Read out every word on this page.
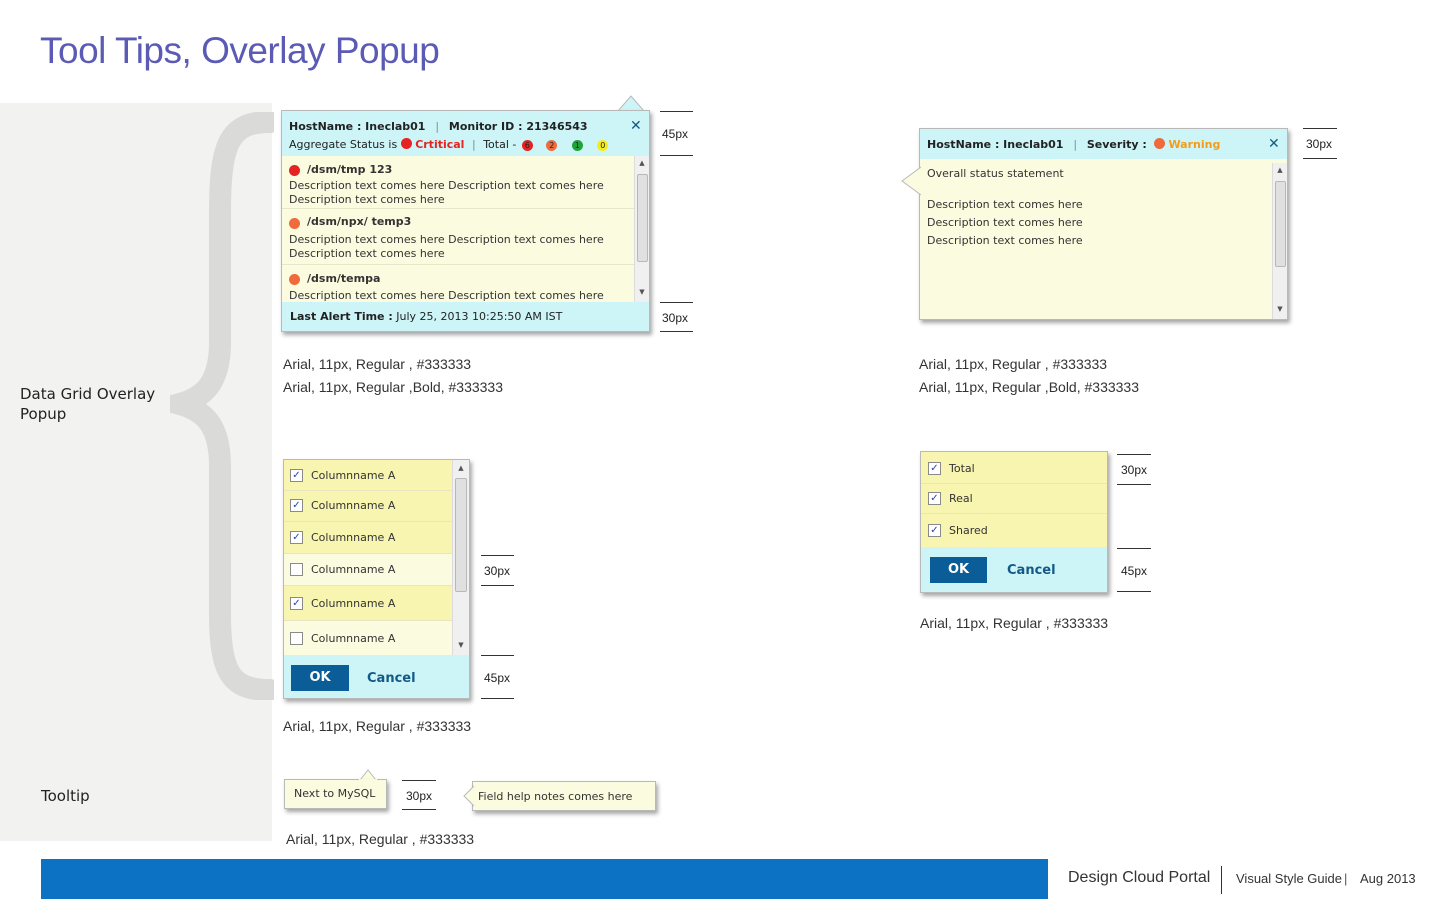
Tool Tips, Overlay Popup
Data Grid Overlay
Popup
Tooltip
HostName : Ineclab01 | Monitor ID : 21346543
Aggregate Status is Crtitical | Total - 6 2	1	0
✕
/dsm/tmp 123
Description text comes here Description text comes here
Description text comes here
/dsm/npx/ temp3
Description text comes here Description text comes here
Description text comes here
/dsm/tempa
Description text comes here Description text comes here
▲
▼
Last Alert Time : July 25, 2013 10:25:50 AM IST
45px
30px
Arial, 11px, Regular , #333333
Arial, 11px, Regular ,Bold, #333333
HostName : Ineclab01 | Severity : Warning	✕
Overall status statement
Description text comes here
Description text comes here
Description text comes here
▲
▼
30px
Arial, 11px, Regular , #333333
Arial, 11px, Regular ,Bold, #333333
✓ Columnname A
✓ Columnname A
✓ Columnname A
Columnname A
✓ Columnname A
Columnname A
▲
▼
OK	Cancel
30px
45px
Arial, 11px, Regular , #333333
✓ Total
✓ Real
✓ Shared
OK	Cancel
30px
45px
Arial, 11px, Regular , #333333
Next to MySQL	30px	Field help notes comes here
Arial, 11px, Regular , #333333
Design Cloud Portal Visual Style Guide | Aug 2013
